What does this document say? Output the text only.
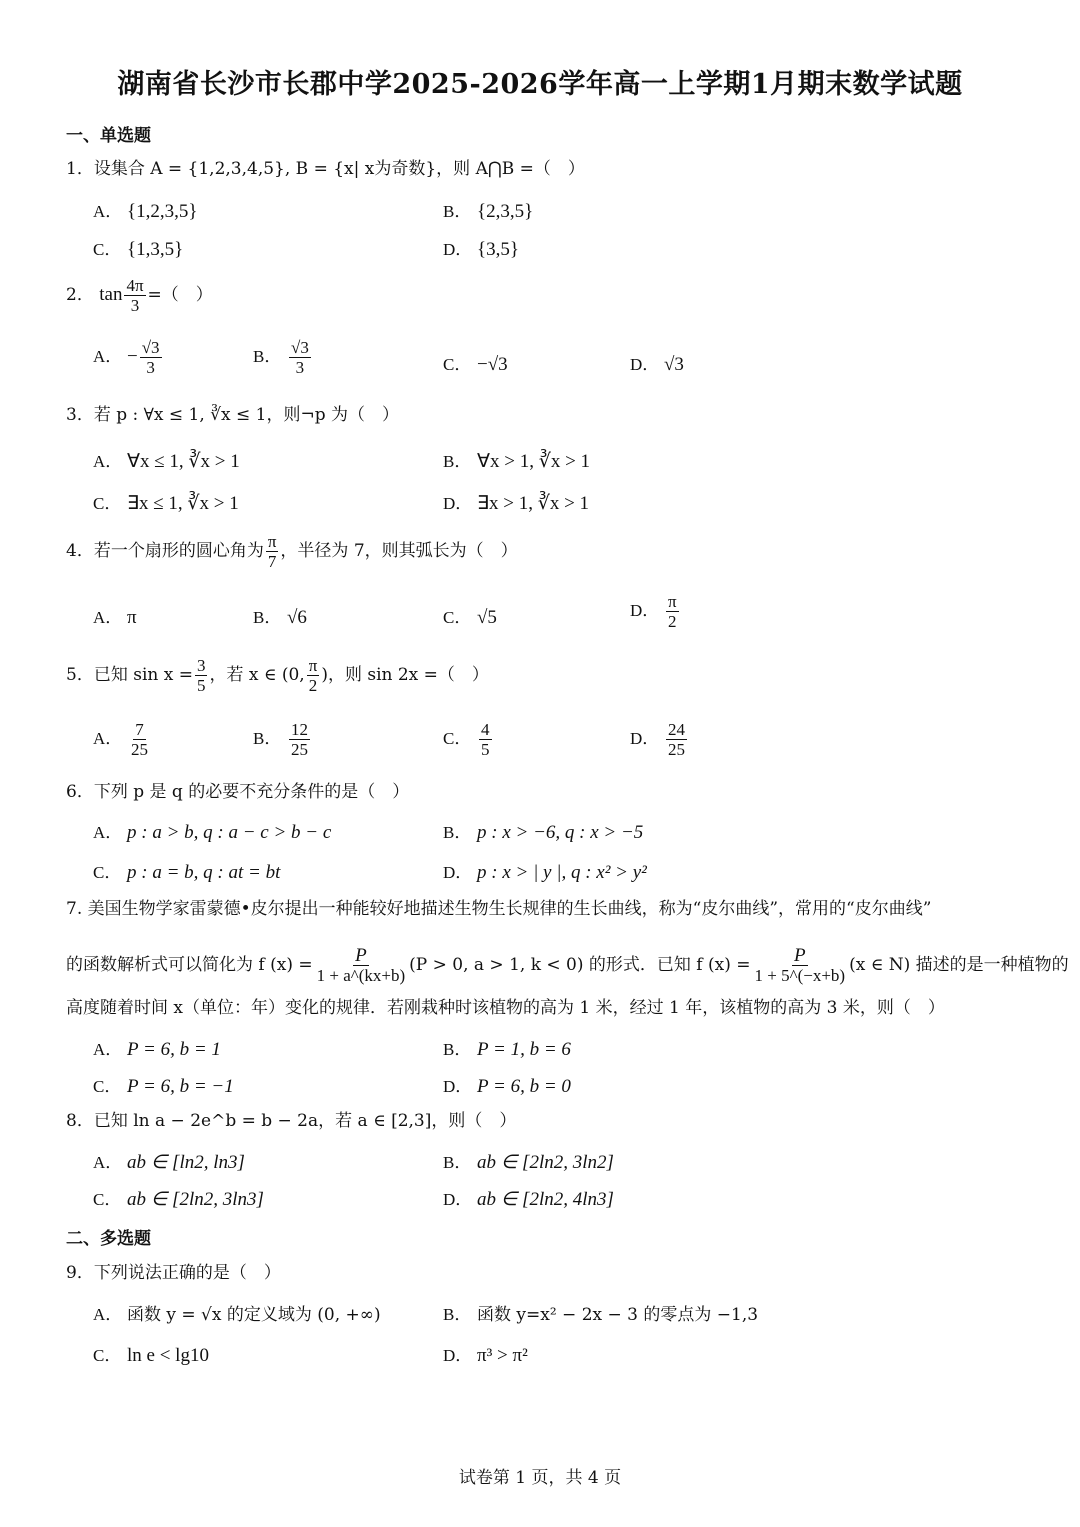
湖南省长沙市长郡中学2025-2026学年高一上学期1月期末数学试题
一、单选题
1．设集合 A = {1,2,3,4,5}, B = {x| x为奇数}，则 A⋂B =（　）
A． {1,2,3,5}	B． {2,3,5}
C． {1,3,5}	D． {3,5}
2． $\tan \frac{4\pi}{3}$ =（　）
A． − $\frac{√3}{3}$	B． $\frac{√3}{3}$	C． −√3	D． √3
3．若 p : ∀x ≤ 1, ∛x ≤ 1，则¬p 为（　）
A． ∀x ≤ 1, ∛x > 1	B． ∀x > 1, ∛x > 1
C． ∃x ≤ 1, ∛x > 1	D． ∃x > 1, ∛x > 1
4．若一个扇形的圆心角为 $\frac{\pi}{7}$ ，半径为 7，则其弧长为（　）
A． π	B． √6	C． √5	D． $\frac{\pi}{2}$
5．已知 $\sin x = \frac{3}{5}$ ，若 x ∈ (0, $\frac{\pi}{2}$ )，则 sin 2x =（　）
A． $\frac{7}{25}$	B． $\frac{12}{25}$	C． $\frac{4}{5}$	D． $\frac{24}{25}$
6．下列 p 是 q 的必要不充分条件的是（　）
A． p : a > b, q : a − c > b − c	B． p : x > −6, q : x > −5
C． p : a = b, q : at = bt	D． p : x > | y |, q : x² > y²
7. 美国生物学家雷蒙德•皮尔提出一种能较好地描述生物生长规律的生长曲线，称为“皮尔曲线”，常用的“皮尔曲线”
的函数解析式可以简化为 f $(x) = \frac{P}{1 + a\^{}(kx+b)} (P > 0$, a > 1, k < 0) 的形式．已知 f $(x) = \frac{P}{1 + 5\^{}(-x+b)} (x$ ∈ N) 描述的是一种植物的
高度随着时间 x（单位：年）变化的规律．若刚栽种时该植物的高为 1 米，经过 1 年，该植物的高为 3 米，则（　）
A． P = 6, b = 1	B． P = 1, b = 6
C． P = 6, b = −1	D． P = 6, b = 0
8．已知 ln a − 2e^b = b − 2a，若 a ∈ [2,3]，则（　）
A． ab ∈ [ln2, ln3]	B． ab ∈ [2ln2, 3ln2]
C． ab ∈ [2ln2, 3ln3]	D． ab ∈ [2ln2, 4ln3]
二、多选题
9．下列说法正确的是（　）
A． 函数 y = √x 的定义域为 (0, +∞)	B． 函数 y=x² − 2x − 3 的零点为 −1,3
C． ln e < lg10	D． π³ > π²
试卷第 1 页，共 4 页
